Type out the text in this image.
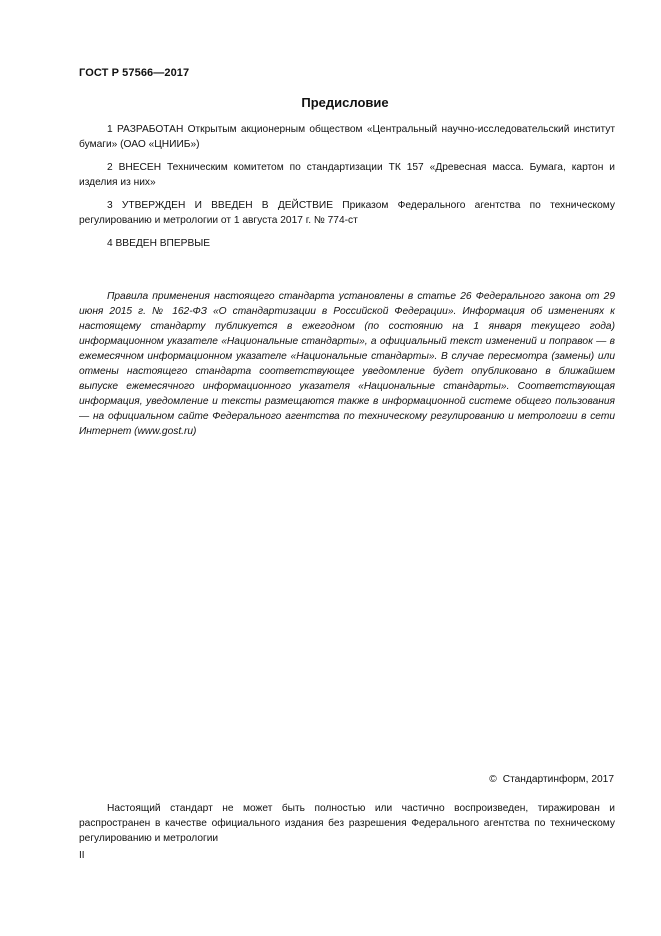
ГОСТ Р 57566—2017
Предисловие

1 РАЗРАБОТАН Открытым акционерным обществом «Центральный научно-исследовательский институт бумаги» (ОАО «ЦНИИБ»)

2 ВНЕСЕН Техническим комитетом по стандартизации ТК 157 «Древесная масса. Бумага, картон и изделия из них»

3 УТВЕРЖДЕН И ВВЕДЕН В ДЕЙСТВИЕ Приказом Федерального агентства по техническому регулированию и метрологии от 1 августа 2017 г. № 774-ст

4 ВВЕДЕН ВПЕРВЫЕ

Правила применения настоящего стандарта установлены в статье 26 Федерального закона от 29 июня 2015 г. № 162-ФЗ «О стандартизации в Российской Федерации». Информация об изменениях к настоящему стандарту публикуется в ежегодном (по состоянию на 1 января текущего года) информационном указателе «Национальные стандарты», а официальный текст изменений и поправок — в ежемесячном информационном указателе «Национальные стандарты». В случае пересмотра (замены) или отмены настоящего стандарта соответствующее уведомление будет опубликовано в ближайшем выпуске ежемесячного информационного указателя «Национальные стандарты». Соответствующая информация, уведомление и тексты размещаются также в информационной системе общего пользования — на официальном сайте Федерального агентства по техническому регулированию и метрологии в сети Интернет (www.gost.ru)

© Стандартинформ, 2017

Настоящий стандарт не может быть полностью или частично воспроизведен, тиражирован и распространен в качестве официального издания без разрешения Федерального агентства по техническому регулированию и метрологии

II
